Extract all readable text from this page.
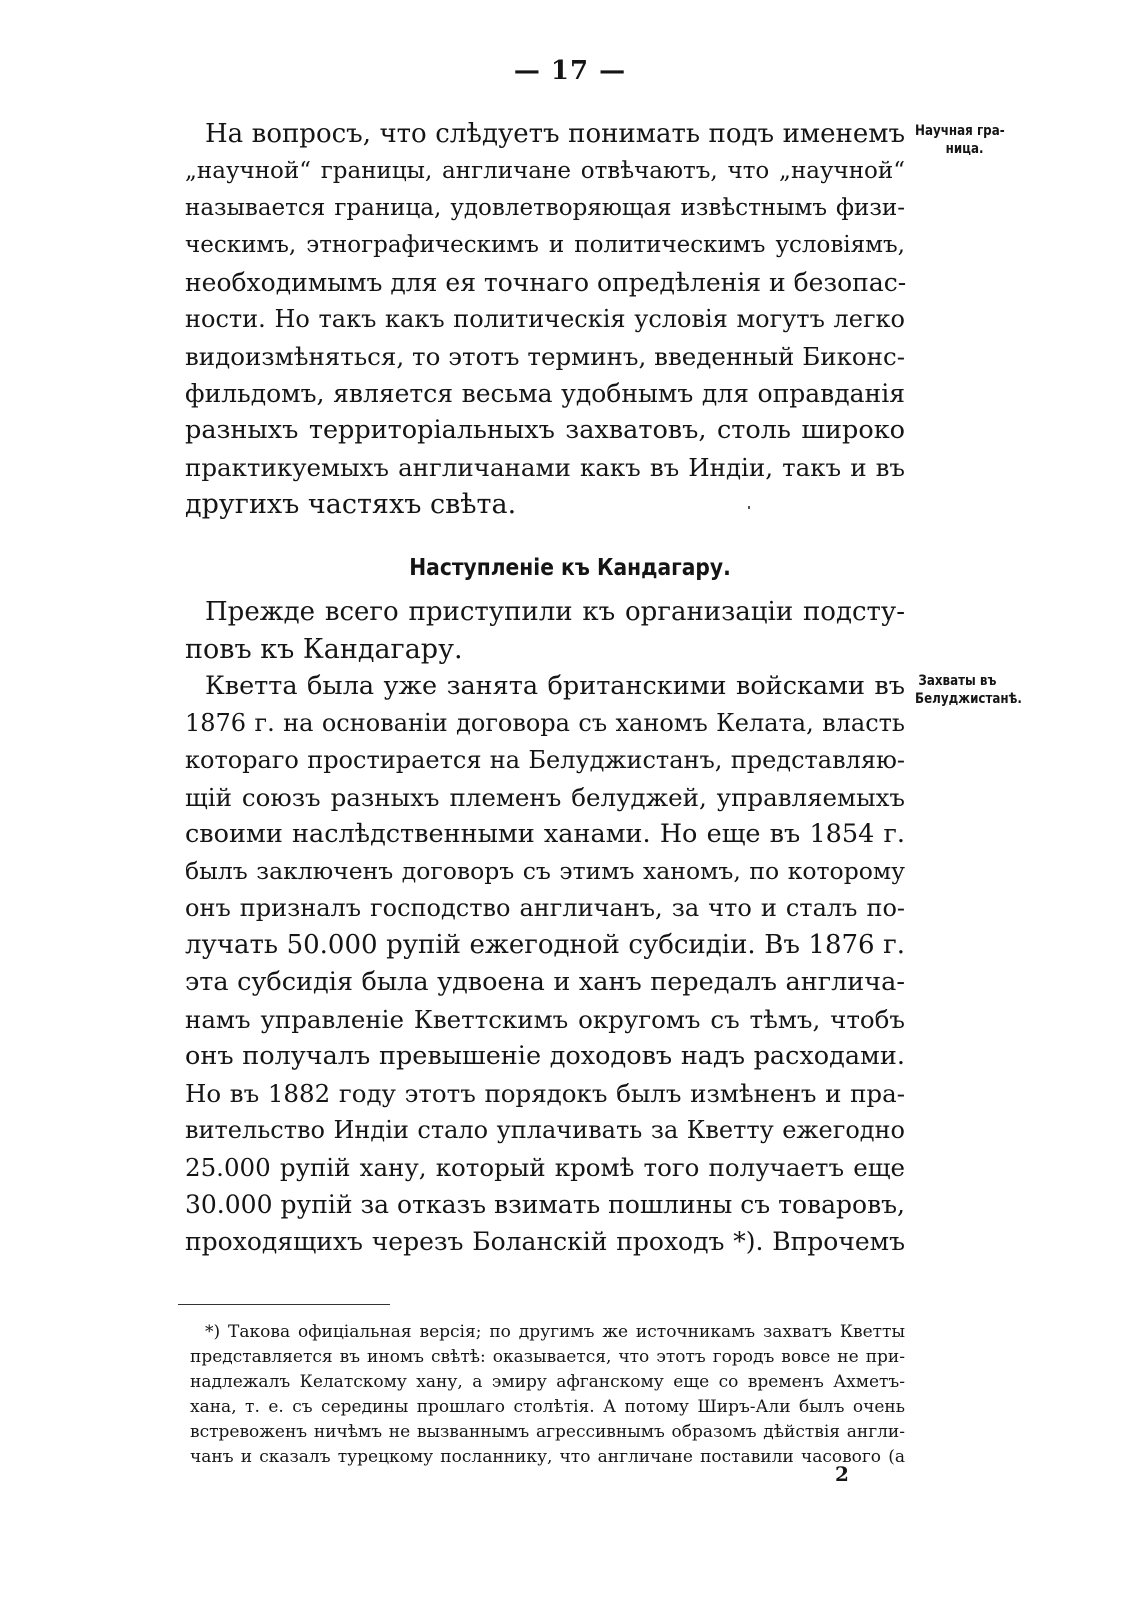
— 17 —
На вопросъ, что слѣдуетъ понимать подъ именемъ
„научной“ границы, англичане отвѣчаютъ, что „научной“
называется граница, удовлетворяющая извѣстнымъ физи-
ческимъ, этнографическимъ и политическимъ условіямъ,
необходимымъ для ея точнаго опредѣленія и безопас-
ности. Но такъ какъ политическія условія могутъ легко
видоизмѣняться, то этотъ терминъ, введенный Биконс-
фильдомъ, является весьма удобнымъ для оправданія
разныхъ территоріальныхъ захватовъ, столь широко
практикуемыхъ англичанами какъ въ Индіи, такъ и въ
другихъ частяхъ свѣта.
Научная гра-
ница.
Наступленіе къ Кандагару.
Прежде всего приступили къ организаціи подсту-
повъ къ Кандагару.
Кветта была уже занята британскими войсками въ
1876 г. на основаніи договора съ ханомъ Келата, власть
котораго простирается на Белуджистанъ, представляю-
щій союзъ разныхъ племенъ белуджей, управляемыхъ
своими наслѣдственными ханами. Но еще въ 1854 г.
былъ заключенъ договоръ съ этимъ ханомъ, по которому
онъ призналъ господство англичанъ, за что и сталъ по-
лучать 50.000 рупій ежегодной субсидіи. Въ 1876 г.
эта субсидія была удвоена и ханъ передалъ англича-
намъ управленіе Кветтскимъ округомъ съ тѣмъ, чтобъ
онъ получалъ превышеніе доходовъ надъ расходами.
Но въ 1882 году этотъ порядокъ былъ измѣненъ и пра-
вительство Индіи стало уплачивать за Кветту ежегодно
25.000 рупій хану, который кромѣ того получаетъ еще
30.000 рупій за отказъ взимать пошлины съ товаровъ,
проходящихъ черезъ Боланскій проходъ *). Впрочемъ
Захваты въ
Белуджистанѣ.
*) Такова офиціальная версія; по другимъ же источникамъ захватъ Кветты
представляется въ иномъ свѣтѣ: оказывается, что этотъ городъ вовсе не при-
надлежалъ Келатскому хану, а эмиру афганскому еще со временъ Ахметъ-
хана, т. е. съ середины прошлаго столѣтія. А потому Ширъ-Али былъ очень
встревоженъ ничѣмъ не вызваннымъ агрессивнымъ образомъ дѣйствія англи-
чанъ и сказалъ турецкому посланнику, что англичане поставили часового (а
2
